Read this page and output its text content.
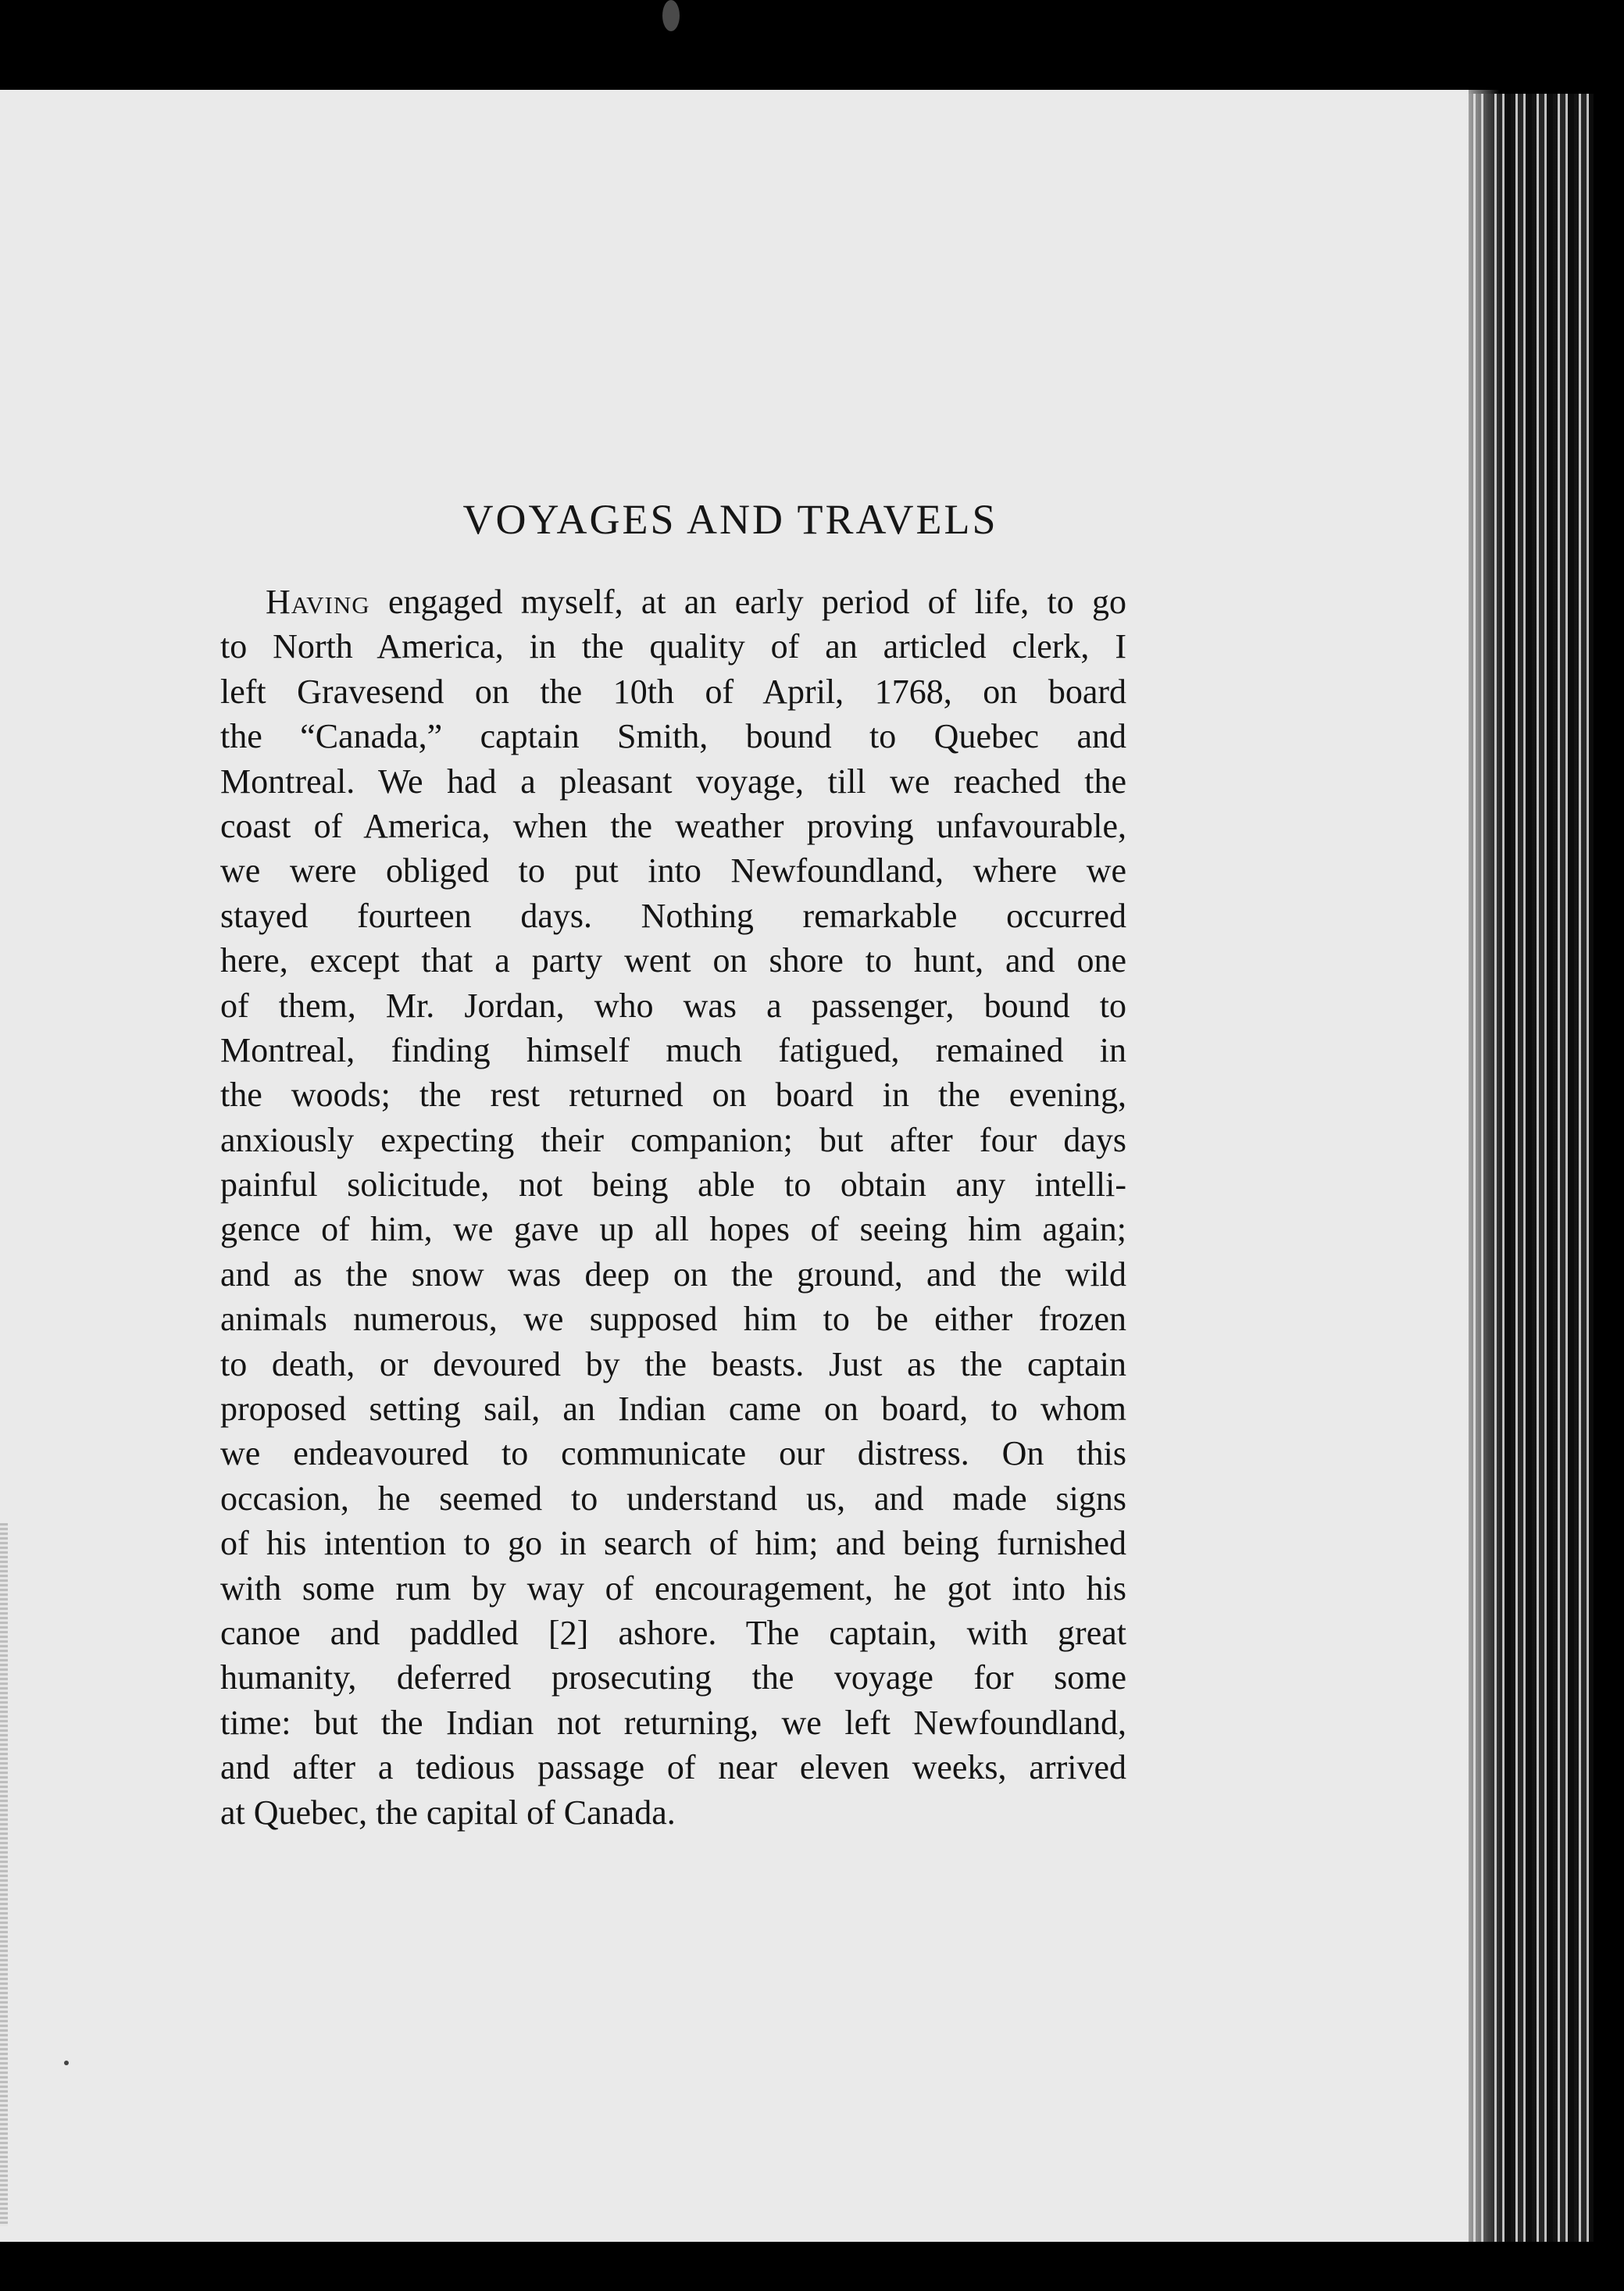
VOYAGES AND TRAVELS
Having engaged myself, at an early period of life, to go
to North America, in the quality of an articled clerk, I
left Gravesend on the 10th of April, 1768, on board
the “Canada,” captain Smith, bound to Quebec and
Montreal. We had a pleasant voyage, till we reached the
coast of America, when the weather proving unfavourable,
we were obliged to put into Newfoundland, where we
stayed fourteen days. Nothing remarkable occurred
here, except that a party went on shore to hunt, and one
of them, Mr. Jordan, who was a passenger, bound to
Montreal, finding himself much fatigued, remained in
the woods; the rest returned on board in the evening,
anxiously expecting their companion; but after four days
painful solicitude, not being able to obtain any intelli-
gence of him, we gave up all hopes of seeing him again;
and as the snow was deep on the ground, and the wild
animals numerous, we supposed him to be either frozen
to death, or devoured by the beasts. Just as the captain
proposed setting sail, an Indian came on board, to whom
we endeavoured to communicate our distress. On this
occasion, he seemed to understand us, and made signs
of his intention to go in search of him; and being furnished
with some rum by way of encouragement, he got into his
canoe and paddled [2] ashore. The captain, with great
humanity, deferred prosecuting the voyage for some
time: but the Indian not returning, we left Newfoundland,
and after a tedious passage of near eleven weeks, arrived
at Quebec, the capital of Canada.
